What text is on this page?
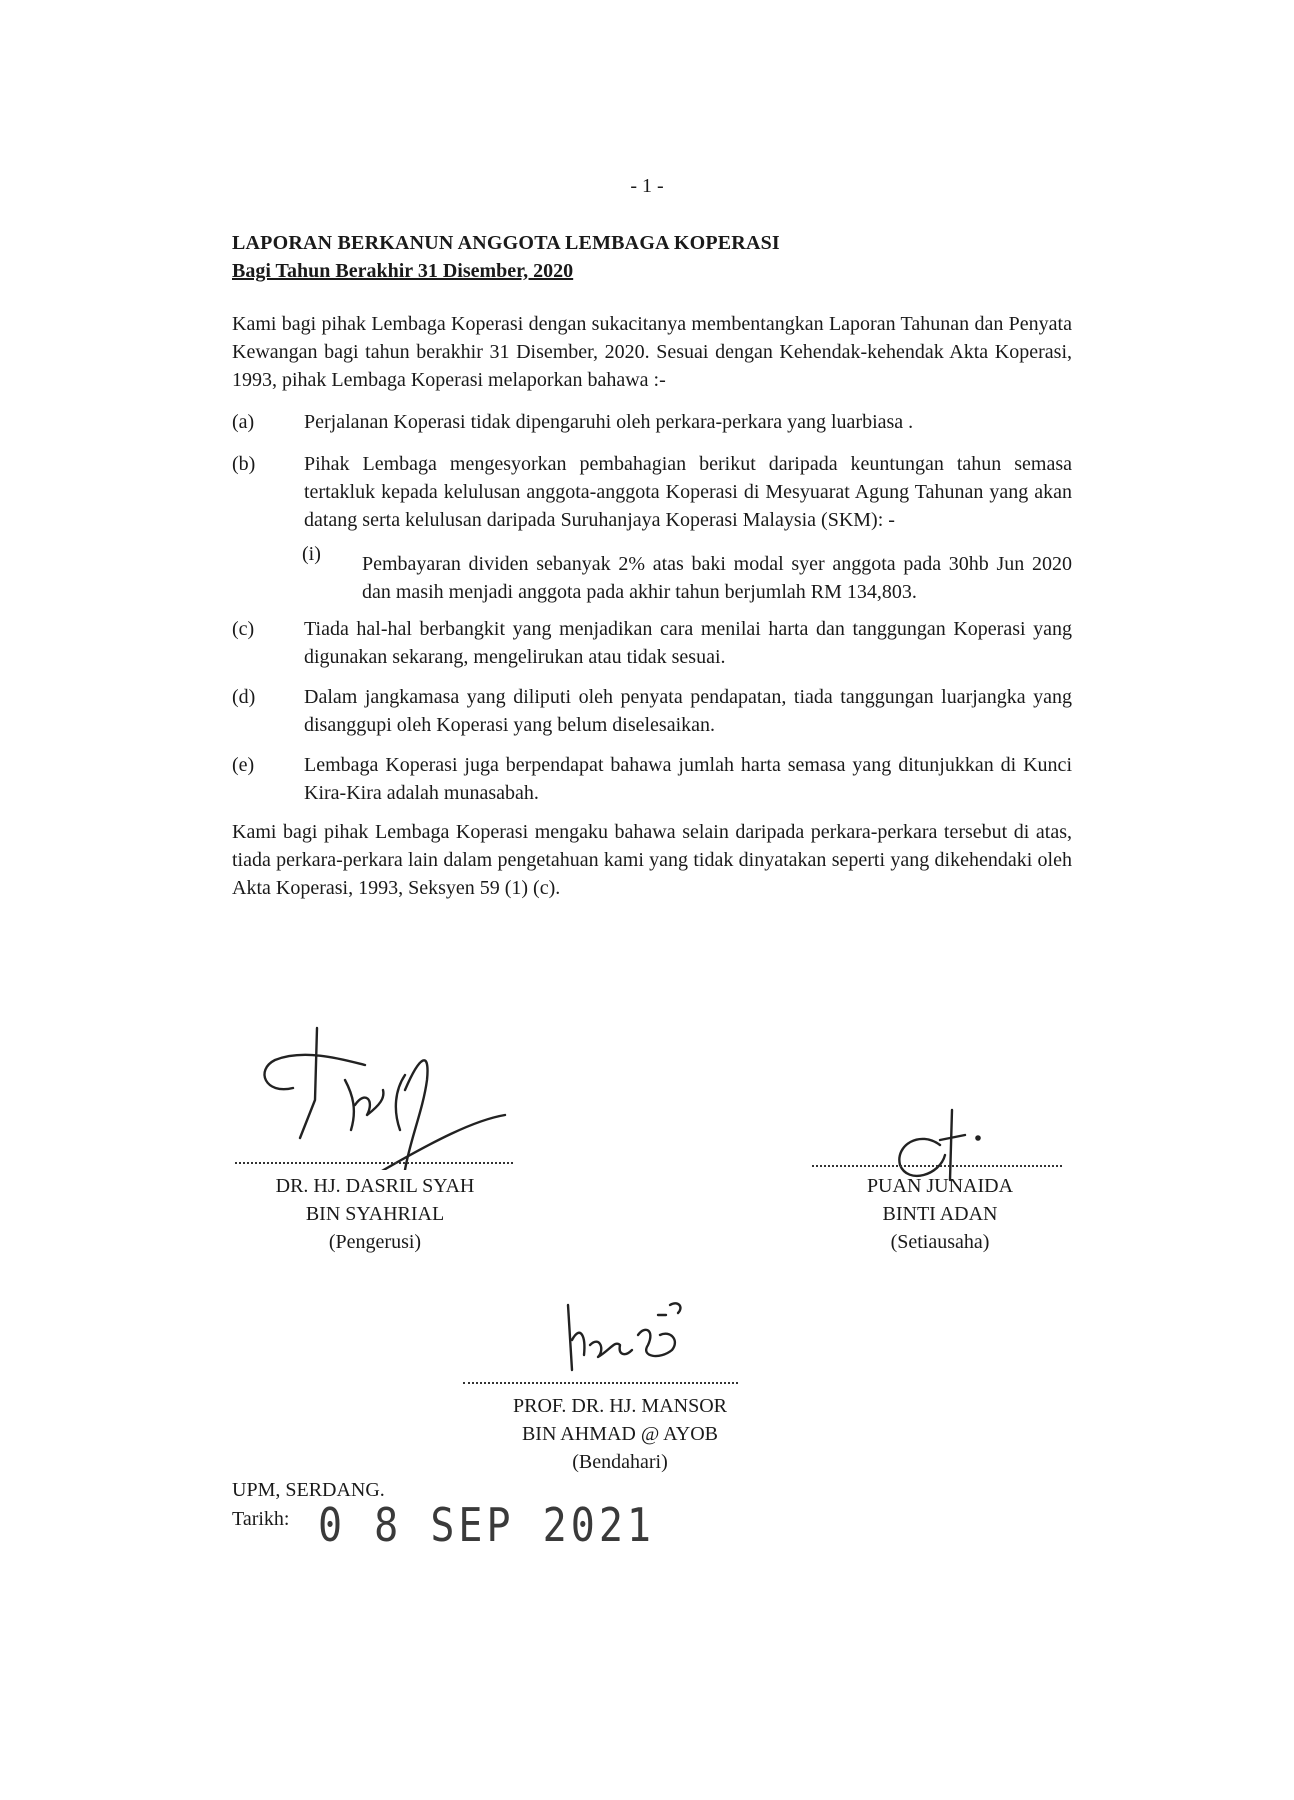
- 1 -
LAPORAN BERKANUN ANGGOTA LEMBAGA KOPERASI
Bagi Tahun Berakhir 31 Disember, 2020
Kami bagi pihak Lembaga Koperasi dengan sukacitanya membentangkan Laporan Tahunan dan Penyata Kewangan bagi tahun berakhir 31 Disember, 2020. Sesuai dengan Kehendak-kehendak Akta Koperasi, 1993, pihak Lembaga Koperasi melaporkan bahawa :-
(a) Perjalanan Koperasi tidak dipengaruhi oleh perkara-perkara yang luarbiasa .
(b) Pihak Lembaga mengesyorkan pembahagian berikut daripada keuntungan tahun semasa tertakluk kepada kelulusan anggota-anggota Koperasi di Mesyuarat Agung Tahunan yang akan datang serta kelulusan daripada Suruhanjaya Koperasi Malaysia (SKM): -
(i) Pembayaran dividen sebanyak 2% atas baki modal syer anggota pada 30hb Jun 2020 dan masih menjadi anggota pada akhir tahun berjumlah RM 134,803.
(c) Tiada hal-hal berbangkit yang menjadikan cara menilai harta dan tanggungan Koperasi yang digunakan sekarang, mengelirukan atau tidak sesuai.
(d) Dalam jangkamasa yang diliputi oleh penyata pendapatan, tiada tanggungan luarjangka yang disanggupi oleh Koperasi yang belum diselesaikan.
(e) Lembaga Koperasi juga berpendapat bahawa jumlah harta semasa yang ditunjukkan di Kunci Kira-Kira adalah munasabah.
Kami bagi pihak Lembaga Koperasi mengaku bahawa selain daripada perkara-perkara tersebut di atas, tiada perkara-perkara lain dalam pengetahuan kami yang tidak dinyatakan seperti yang dikehendaki oleh Akta Koperasi, 1993, Seksyen 59 (1) (c).
DR. HJ. DASRIL SYAH
BIN SYAHRIAL
(Pengerusi)
PUAN JUNAIDA
BINTI ADAN
(Setiausaha)
PROF. DR. HJ. MANSOR
BIN AHMAD @ AYOB
(Bendahari)
UPM, SERDANG.
Tarikh: 0 8 SEP 2021
